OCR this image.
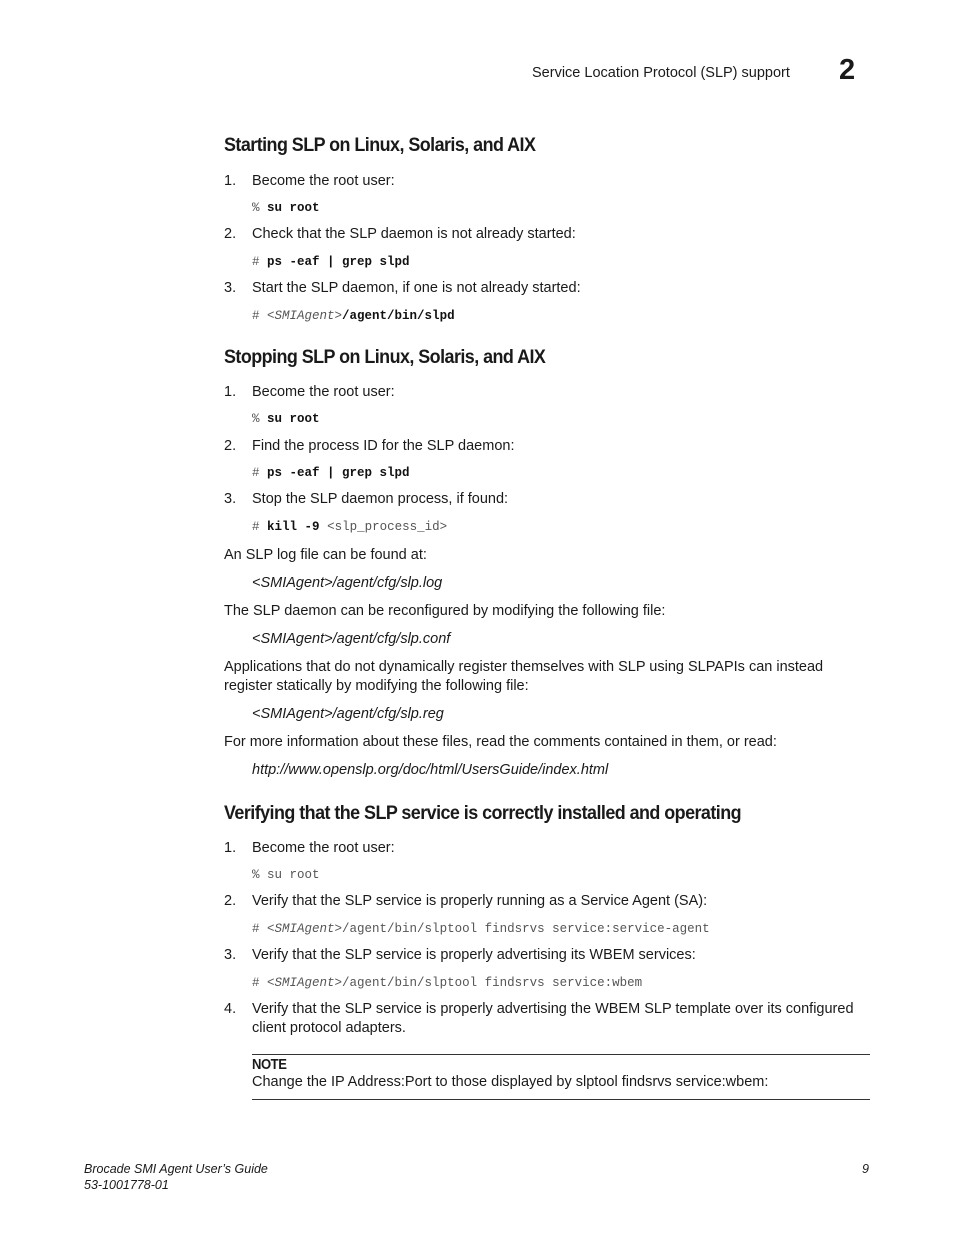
Service Location Protocol (SLP) support 2
Starting SLP on Linux, Solaris, and AIX
1. Become the root user:
% su root
2. Check that the SLP daemon is not already started:
# ps -eaf | grep slpd
3. Start the SLP daemon, if one is not already started:
# <SMIAgent>/agent/bin/slpd
Stopping SLP on Linux, Solaris, and AIX
1. Become the root user:
% su root
2. Find the process ID for the SLP daemon:
# ps -eaf | grep slpd
3. Stop the SLP daemon process, if found:
# kill -9 <slp_process_id>
An SLP log file can be found at:
<SMIAgent>/agent/cfg/slp.log
The SLP daemon can be reconfigured by modifying the following file:
<SMIAgent>/agent/cfg/slp.conf
Applications that do not dynamically register themselves with SLP using SLPAPIs can instead
register statically by modifying the following file:
<SMIAgent>/agent/cfg/slp.reg
For more information about these files, read the comments contained in them, or read:
http://www.openslp.org/doc/html/UsersGuide/index.html
Verifying that the SLP service is correctly installed and operating
1. Become the root user:
% su root
2. Verify that the SLP service is properly running as a Service Agent (SA):
# <SMIAgent>/agent/bin/slptool findsrvs service:service-agent
3. Verify that the SLP service is properly advertising its WBEM services:
# <SMIAgent>/agent/bin/slptool findsrvs service:wbem
4. Verify that the SLP service is properly advertising the WBEM SLP template over its configured
client protocol adapters.
NOTE
Change the IP Address:Port to those displayed by slptool findsrvs service:wbem:
Brocade SMI Agent User’s Guide
53-1001778-01
9
